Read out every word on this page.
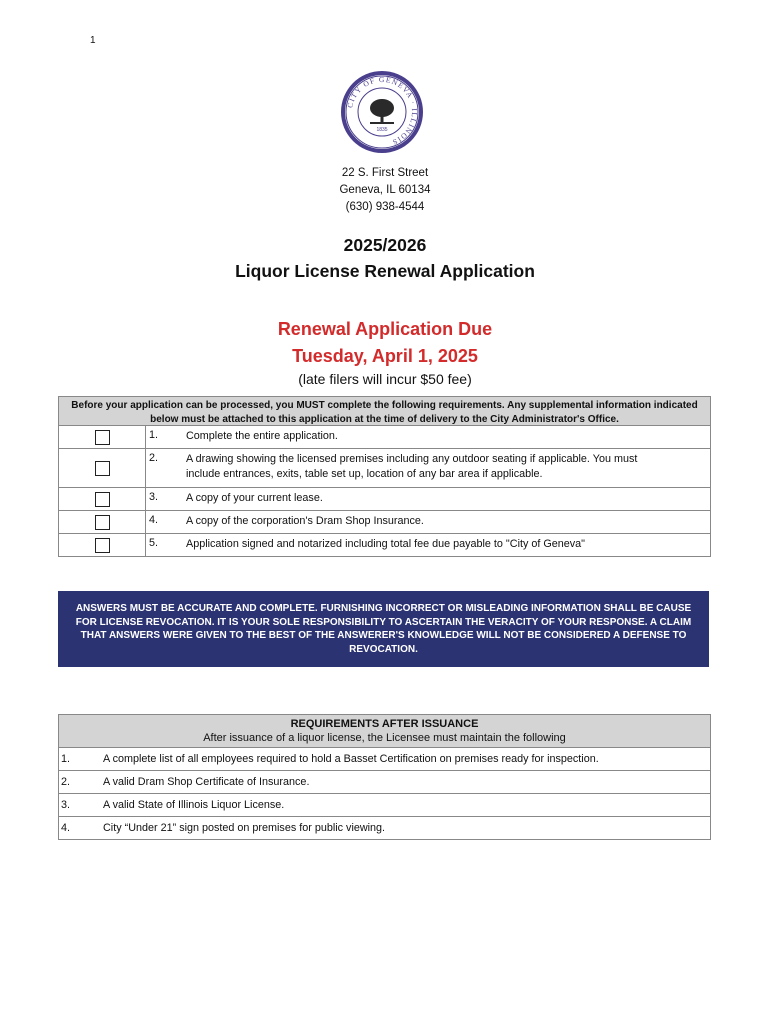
1
CITY OF GENEVA · ILLINOIS
1835
22 S. First Street
Geneva, IL 60134
(630) 938-4544
2025/2026
Liquor License Renewal Application
Renewal Application Due
Tuesday, April 1, 2025
(late filers will incur $50 fee)
Before your application can be processed, you MUST complete the following requirements. Any supplemental information indicated below must be attached to this application at the time of delivery to the City Administrator's Office.
1.	Complete the entire application.
2.	A drawing showing the licensed premises including any outdoor seating if applicable. You must include entrances, exits, table set up, location of any bar area if applicable.
3.	A copy of your current lease.
4.	A copy of the corporation's Dram Shop Insurance.
5.	Application signed and notarized including total fee due payable to "City of Geneva"
ANSWERS MUST BE ACCURATE AND COMPLETE. FURNISHING INCORRECT OR MISLEADING INFORMATION SHALL BE CAUSE FOR LICENSE REVOCATION. IT IS YOUR SOLE RESPONSIBILITY TO ASCERTAIN THE VERACITY OF YOUR RESPONSE. A CLAIM THAT ANSWERS WERE GIVEN TO THE BEST OF THE ANSWERER'S KNOWLEDGE WILL NOT BE CONSIDERED A DEFENSE TO REVOCATION.
REQUIREMENTS AFTER ISSUANCE
After issuance of a liquor license, the Licensee must maintain the following
1.	A complete list of all employees required to hold a Basset Certification on premises ready for inspection.
2.	A valid Dram Shop Certificate of Insurance.
3.	A valid State of Illinois Liquor License.
4.	City “Under 21” sign posted on premises for public viewing.
